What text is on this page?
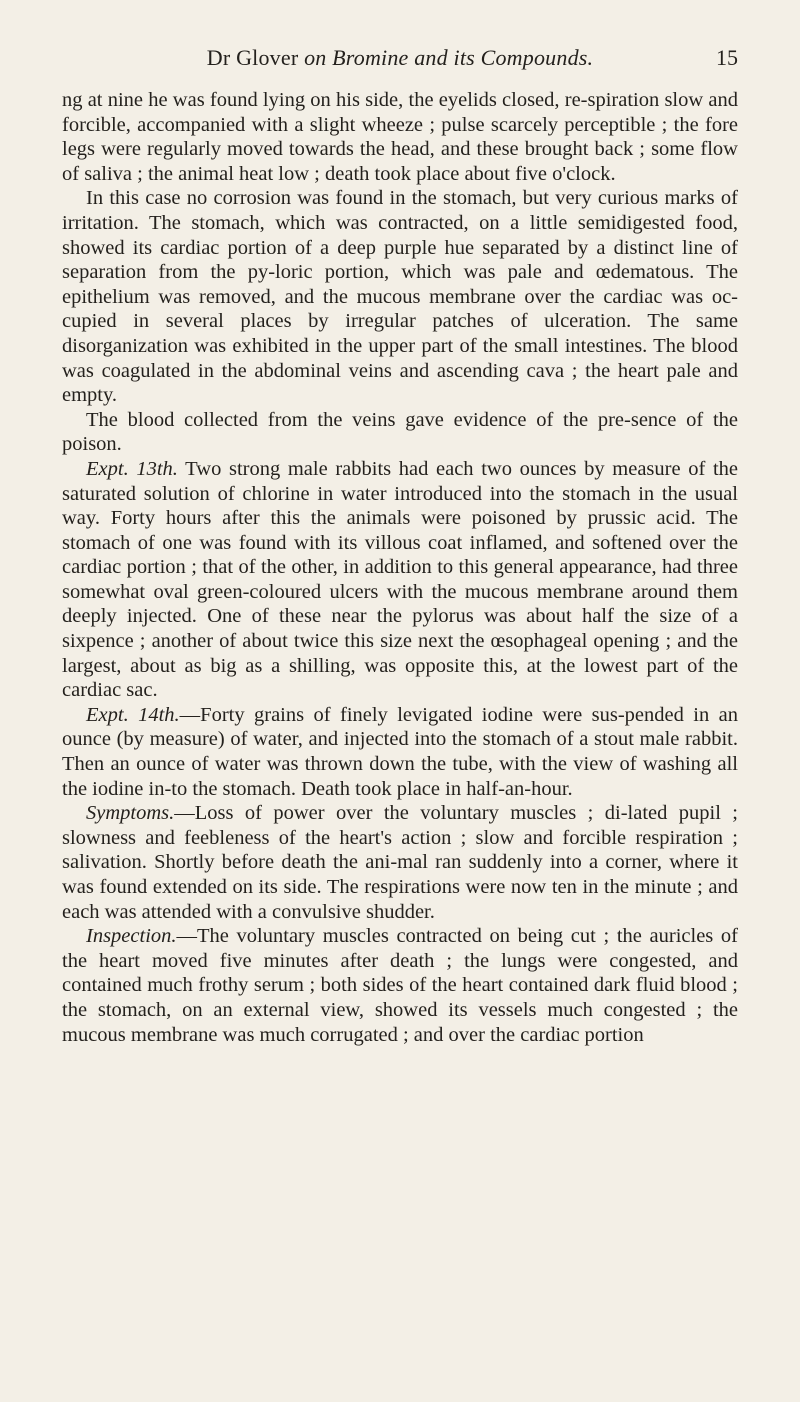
Dr Glover on Bromine and its Compounds.	15

ng at nine he was found lying on his side, the eyelids closed, re-spiration slow and forcible, accompanied with a slight wheeze ; pulse scarcely perceptible ; the fore legs were regularly moved towards the head, and these brought back ; some flow of saliva ; the animal heat low ; death took place about five o'clock.

In this case no corrosion was found in the stomach, but very curious marks of irritation. The stomach, which was contracted, on a little semidigested food, showed its cardiac portion of a deep purple hue separated by a distinct line of separation from the py-loric portion, which was pale and œdematous. The epithelium was removed, and the mucous membrane over the cardiac was oc-cupied in several places by irregular patches of ulceration. The same disorganization was exhibited in the upper part of the small intestines. The blood was coagulated in the abdominal veins and ascending cava ; the heart pale and empty.

The blood collected from the veins gave evidence of the pre-sence of the poison.

Expt. 13th. Two strong male rabbits had each two ounces by measure of the saturated solution of chlorine in water introduced into the stomach in the usual way. Forty hours after this the animals were poisoned by prussic acid. The stomach of one was found with its villous coat inflamed, and softened over the cardiac portion ; that of the other, in addition to this general appearance, had three somewhat oval green-coloured ulcers with the mucous membrane around them deeply injected. One of these near the pylorus was about half the size of a sixpence ; another of about twice this size next the œsophageal opening ; and the largest, about as big as a shilling, was opposite this, at the lowest part of the cardiac sac.

Expt. 14th.—Forty grains of finely levigated iodine were sus-pended in an ounce (by measure) of water, and injected into the stomach of a stout male rabbit. Then an ounce of water was thrown down the tube, with the view of washing all the iodine in-to the stomach. Death took place in half-an-hour.

Symptoms.—Loss of power over the voluntary muscles ; di-lated pupil ; slowness and feebleness of the heart's action ; slow and forcible respiration ; salivation. Shortly before death the ani-mal ran suddenly into a corner, where it was found extended on its side. The respirations were now ten in the minute ; and each was attended with a convulsive shudder.

Inspection.—The voluntary muscles contracted on being cut ; the auricles of the heart moved five minutes after death ; the lungs were congested, and contained much frothy serum ; both sides of the heart contained dark fluid blood ; the stomach, on an external view, showed its vessels much congested ; the mucous membrane was much corrugated ; and over the cardiac portion
